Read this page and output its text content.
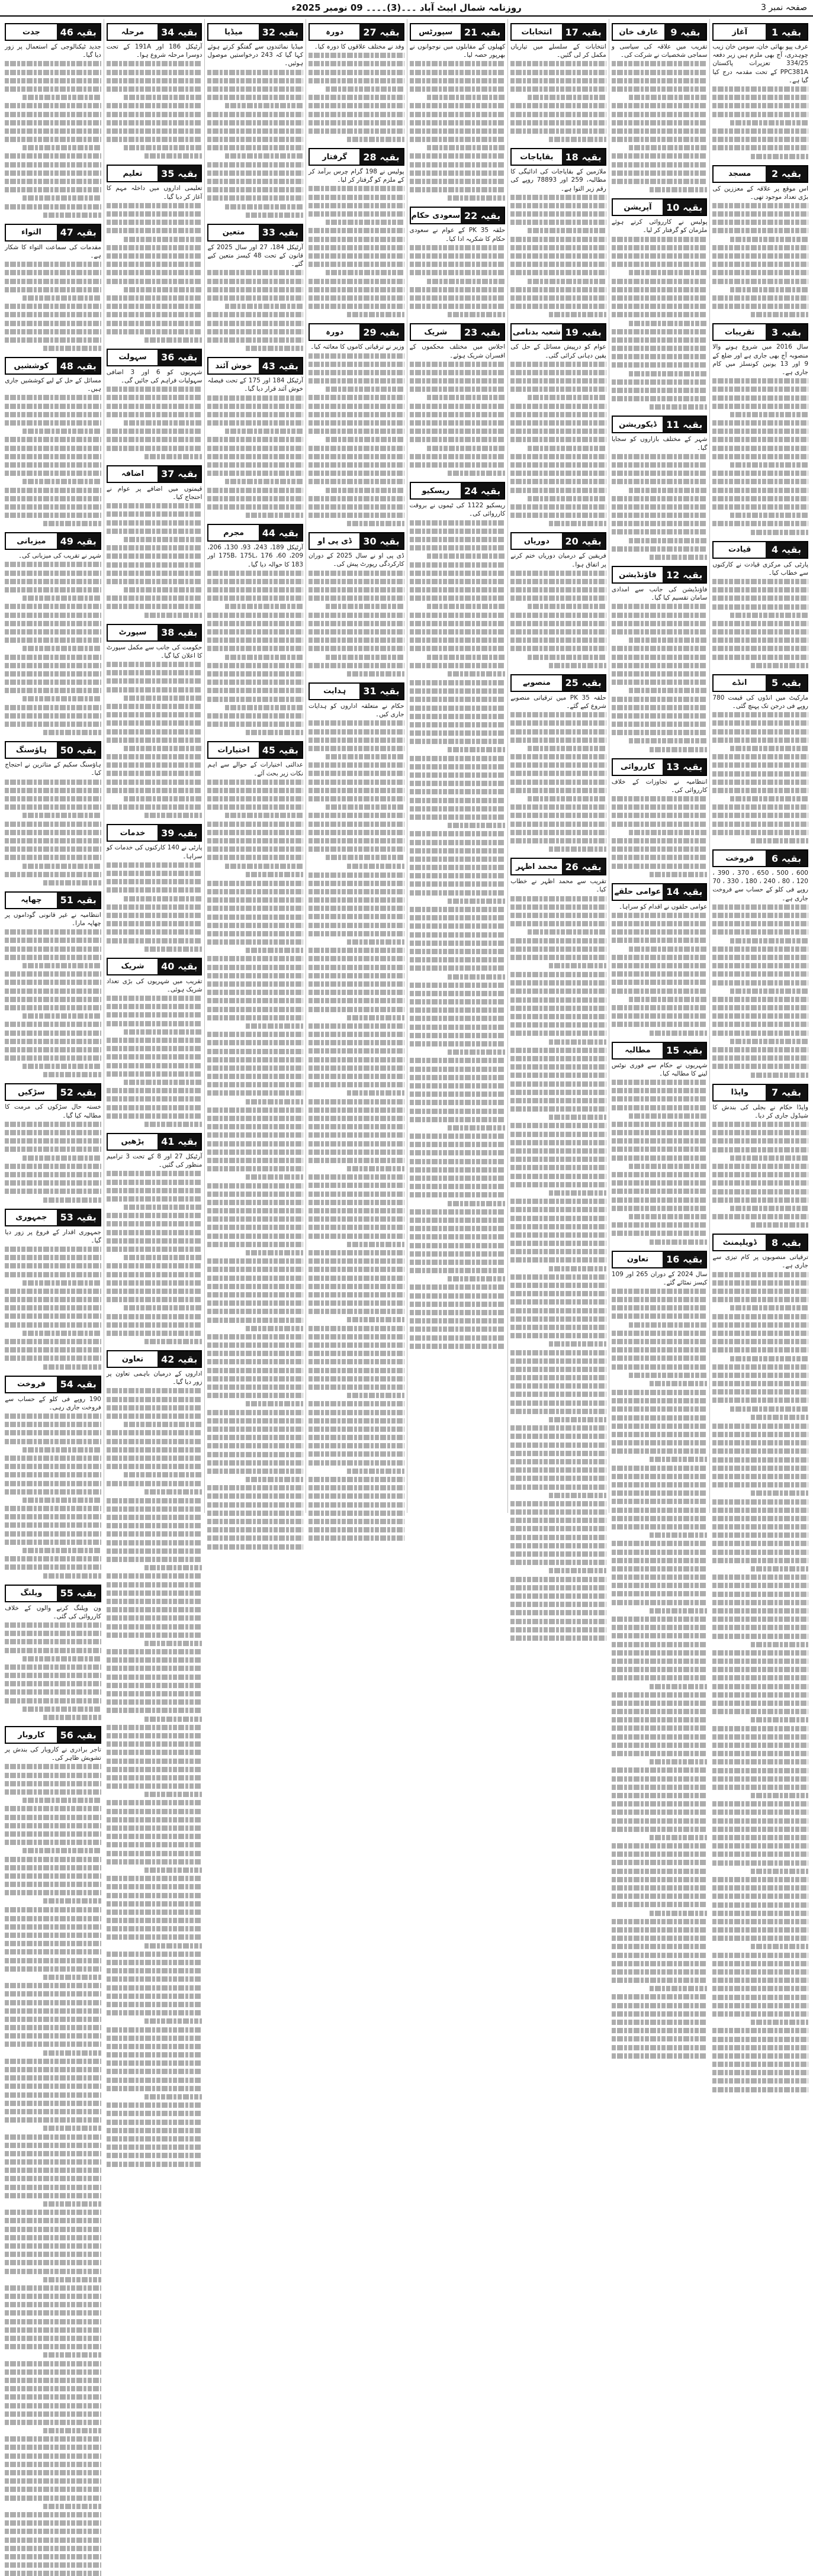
صفحہ نمبر 3
روزنامہ شمال ایبٹ آباد ۔۔۔(3)۔۔۔۔ 09 نومبر 2025ء
بقیہ 1
آغاز
عرف پپو بھائی خان، سومن خان زیب چوہدری، آج بھی ملزم ہیں زیر دفعہ 334/25 تعزیرات پاکستان PPC381A کے تحت مقدمہ درج کیا گیا ہے۔
بقیہ 2
مسجد
اس موقع پر علاقہ کے معززین کی بڑی تعداد موجود تھی۔
بقیہ 3
تقریبات
سال 2016 میں شروع ہونے والا منصوبہ آج بھی جاری ہے اور ضلع کے 9 اور 13 یونین کونسلز میں کام جاری ہے۔
بقیہ 4
قیادت
پارٹی کی مرکزی قیادت نے کارکنوں سے خطاب کیا۔
بقیہ 5
انڈے
مارکیٹ میں انڈوں کی قیمت 780 روپے فی درجن تک پہنچ گئی۔
بقیہ 6
فروخت
600 ، 500 ، 650 ، 370 ، 390 ، 120 ، 80 ، 240 ، 180 ، 330 ، 70 روپے فی کلو کے حساب سے فروخت جاری ہے۔
بقیہ 7
واپڈا
واپڈا حکام نے بجلی کی بندش کا شیڈول جاری کر دیا۔
بقیہ 8
ڈویلپمنٹ
ترقیاتی منصوبوں پر کام تیزی سے جاری ہے۔
بقیہ 9
عارف خان
تقریب میں علاقہ کی سیاسی و سماجی شخصیات نے شرکت کی۔
بقیہ 10
آپریشن
پولیس نے کارروائی کرتے ہوئے ملزمان کو گرفتار کر لیا۔
بقیہ 11
ڈیکوریشن
شہر کے مختلف بازاروں کو سجایا گیا۔
بقیہ 12
فاؤنڈیشن
فاؤنڈیشن کی جانب سے امدادی سامان تقسیم کیا گیا۔
بقیہ 13
کارروائی
انتظامیہ نے تجاوزات کے خلاف کارروائی کی۔
بقیہ 14
عوامی حلقے
عوامی حلقوں نے اقدام کو سراہا۔
بقیہ 15
مطالبہ
شہریوں نے حکام سے فوری نوٹس لینے کا مطالبہ کیا۔
بقیہ 16
تعاون
سال 2024 کے دوران 265 اور 109 کیسز نمٹائے گئے۔
بقیہ 17
انتخابات
انتخابات کے سلسلے میں تیاریاں مکمل کر لی گئیں۔
بقیہ 18
بقایاجات
ملازمین کے بقایاجات کی ادائیگی کا مطالبہ، 259 اور 78893 روپے کی رقم زیر التوا ہے۔
بقیہ 19
شعبہ بدنامی
عوام کو درپیش مسائل کے حل کی یقین دہانی کرائی گئی۔
بقیہ 20
دوریاں
فریقین کے درمیان دوریاں ختم کرنے پر اتفاق ہوا۔
بقیہ 25
منصوبے
حلقہ PK 35 میں ترقیاتی منصوبے شروع کیے گئے۔
بقیہ 26
محمد اظہر
تقریب سے محمد اظہر نے خطاب کیا۔
بقیہ 21
سپورٹس
کھیلوں کے مقابلوں میں نوجوانوں نے بھرپور حصہ لیا۔
بقیہ 22
سعودی حکام
حلقہ PK 35 کے عوام نے سعودی حکام کا شکریہ ادا کیا۔
بقیہ 23
شریک
اجلاس میں مختلف محکموں کے افسران شریک ہوئے۔
بقیہ 24
ریسکیو
ریسکیو 1122 کی ٹیموں نے بروقت کارروائی کی۔
بقیہ 27
دورہ
وفد نے مختلف علاقوں کا دورہ کیا۔
بقیہ 28
گرفتار
پولیس نے 198 گرام چرس برآمد کر کے ملزم کو گرفتار کر لیا۔
بقیہ 29
دورہ
وزیر نے ترقیاتی کاموں کا معائنہ کیا۔
بقیہ 30
ڈی پی او
ڈی پی او نے سال 2025 کے دوران کارکردگی رپورٹ پیش کی۔
بقیہ 31
ہدایت
حکام نے متعلقہ اداروں کو ہدایات جاری کیں۔
بقیہ 32
میڈیا
میڈیا نمائندوں سے گفتگو کرتے ہوئے کہا گیا کہ 243 درخواستیں موصول ہوئیں۔
بقیہ 33
متعین
آرٹیکل 184، 27 اور سال 2025 کے قانون کے تحت 48 کیسز متعین کیے گئے۔
بقیہ 43
خوش آئند
آرٹیکل 184 اور 175 کے تحت فیصلہ خوش آئند قرار دیا گیا۔
بقیہ 44
مجرم
آرٹیکل 189، 243، 93، 130، 206، 209، 60، 175B، 175L، 176 اور 183 کا حوالہ دیا گیا۔
بقیہ 45
اختیارات
عدالتی اختیارات کے حوالے سے اہم نکات زیر بحث آئے۔
بقیہ 34
مرحلہ
آرٹیکل 186 اور 191A کے تحت دوسرا مرحلہ شروع ہوا۔
بقیہ 35
تعلیم
تعلیمی اداروں میں داخلہ مہم کا آغاز کر دیا گیا۔
بقیہ 36
سہولت
شہریوں کو 6 اور 3 اضافی سہولیات فراہم کی جائیں گی۔
بقیہ 37
اضافہ
قیمتوں میں اضافے پر عوام نے احتجاج کیا۔
بقیہ 38
سپورٹ
حکومت کی جانب سے مکمل سپورٹ کا اعلان کیا گیا۔
بقیہ 39
خدمات
پارٹی نے 140 کارکنوں کی خدمات کو سراہا۔
بقیہ 40
شریک
تقریب میں شہریوں کی بڑی تعداد شریک ہوئی۔
بقیہ 41
پڑھیں
آرٹیکل 27 اور 8 کے تحت 3 ترامیم منظور کی گئیں۔
بقیہ 42
تعاون
اداروں کے درمیان باہمی تعاون پر زور دیا گیا۔
بقیہ 46
جدت
جدید ٹیکنالوجی کے استعمال پر زور دیا گیا۔
بقیہ 47
التواء
مقدمات کی سماعت التواء کا شکار ہے۔
بقیہ 48
کوششیں
مسائل کے حل کے لیے کوششیں جاری ہیں۔
بقیہ 49
میزبانی
شہر نے تقریب کی میزبانی کی۔
بقیہ 50
ہاؤسنگ
ہاؤسنگ سکیم کے متاثرین نے احتجاج کیا۔
بقیہ 51
چھاپہ
انتظامیہ نے غیر قانونی گوداموں پر چھاپہ مارا۔
بقیہ 52
سڑکیں
خستہ حال سڑکوں کی مرمت کا مطالبہ کیا گیا۔
بقیہ 53
جمہوری
جمہوری اقدار کے فروغ پر زور دیا گیا۔
بقیہ 54
فروخت
190 روپے فی کلو کے حساب سے فروخت جاری رہی۔
بقیہ 55
ویلنگ
ون ویلنگ کرنے والوں کے خلاف کارروائی کی گئی۔
بقیہ 56
کاروبار
تاجر برادری نے کاروبار کی بندش پر تشویش ظاہر کی۔
